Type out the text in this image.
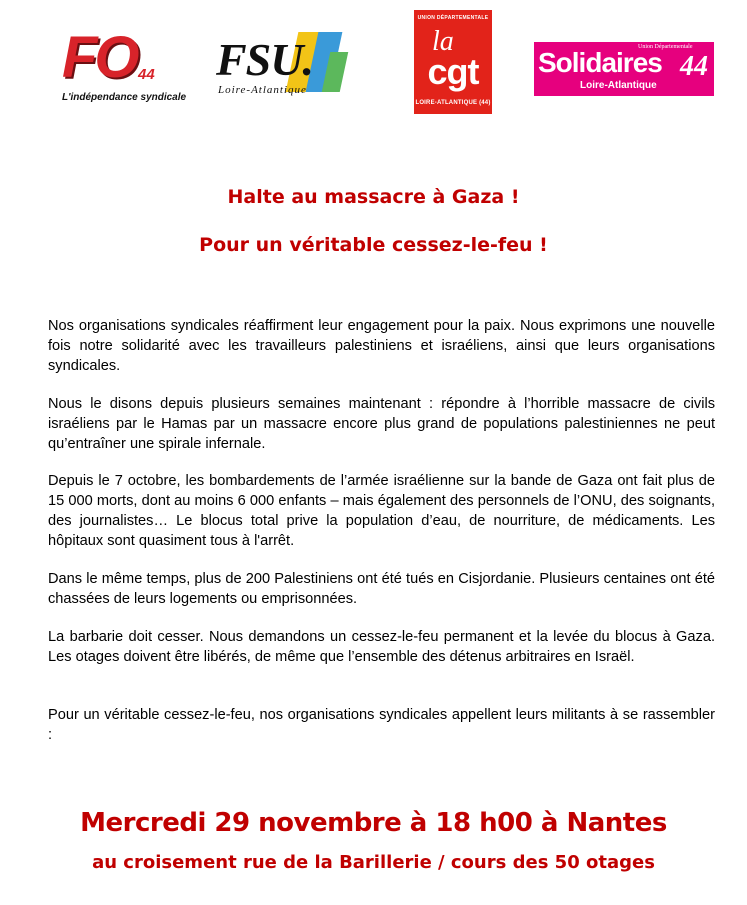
FO 44
L'indépendance syndicale
FSU.
Loire-Atlantique
UNION DÉPARTEMENTALE
la
cgt
LOIRE-ATLANTIQUE (44)
Union Départementale
Solidaires 44
Loire-Atlantique
Halte au massacre à Gaza !
Pour un véritable cessez-le-feu !

Nos organisations syndicales réaffirment leur engagement pour la paix. Nous exprimons une nouvelle fois notre solidarité avec les travailleurs palestiniens et israéliens, ainsi que leurs organisations syndicales.

Nous le disons depuis plusieurs semaines maintenant : répondre à l’horrible massacre de civils israéliens par le Hamas par un massacre encore plus grand de populations palestiniennes ne peut qu’entraîner une spirale infernale.

Depuis le 7 octobre, les bombardements de l’armée israélienne sur la bande de Gaza ont fait plus de 15 000 morts, dont au moins 6 000 enfants – mais également des personnels de l’ONU, des soignants, des journalistes… Le blocus total prive la population d’eau, de nourriture, de médicaments. Les hôpitaux sont quasiment tous à l'arrêt.

Dans le même temps, plus de 200 Palestiniens ont été tués en Cisjordanie. Plusieurs centaines ont été chassées de leurs logements ou emprisonnées.

La barbarie doit cesser. Nous demandons un cessez-le-feu permanent et la levée du blocus à Gaza. Les otages doivent être libérés, de même que l’ensemble des détenus arbitraires en Israël.

Pour un véritable cessez-le-feu, nos organisations syndicales appellent leurs militants à se rassembler :

Mercredi 29 novembre à 18 h00 à Nantes
au croisement rue de la Barillerie / cours des 50 otages
